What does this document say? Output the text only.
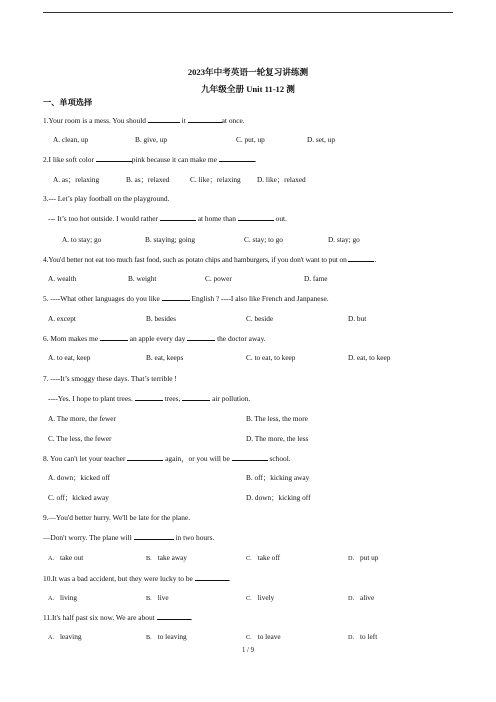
2023年中考英语一轮复习讲练测
九年级全册 Unit 11-12 测
一、单项选择
1.Your room is a mess. You should	it	at once.
A. clean, up	B. give, up	C. put, up	D. set, up
2.I like soft color	pink because it can make me	.
A. as；relaxing	B. as；relaxed	C. like；relaxing D. like；relaxed
3.--- Let’s play football on the playground.
--- It’s too hot outside. I would rather	at home than	out.
A. to stay; go	B. staying; going	C. stay; to go	D. stay; go
4.You'd better not eat too much fast food, such as potato chips and hamburgers, if you don't want to put on	.
A. wealth	B. weight	C. power	D. fame
5. ----What other languages do you like	English ? ----I also like French and Janpanese.
A. except	B. besides	C. beside	D. but
6. Mom makes me	an apple every day	the doctor away.
A. to eat, keep	B. eat, keeps	C. to eat, to keep	D. eat, to keep
7. ----It’s smoggy these days. That’s terrible !
----Yes. I hope to plant trees.	trees,	air pollution.
A. The more, the fewer	B. The less, the more
C. The less, the fewer	D. The more, the less
8. You can't let your teacher	again，or you will be	school.
A. down；kicked off	B. off；kicking away
C. off；kicked away	D. down；kicking off
9.—You'd better hurry. We'll be late for the plane.
—Don't worry. The plane will	in two hours.
A. take out	B. take away	C. take off	D. put up
10.It was a bad accident, but they were lucky to be	.
A. living	B. live	C. lively	D. alive
11.It's half past six now. We are about	.
A. leaving	B. to leaving	C. to leave	D. to left
1 / 9
